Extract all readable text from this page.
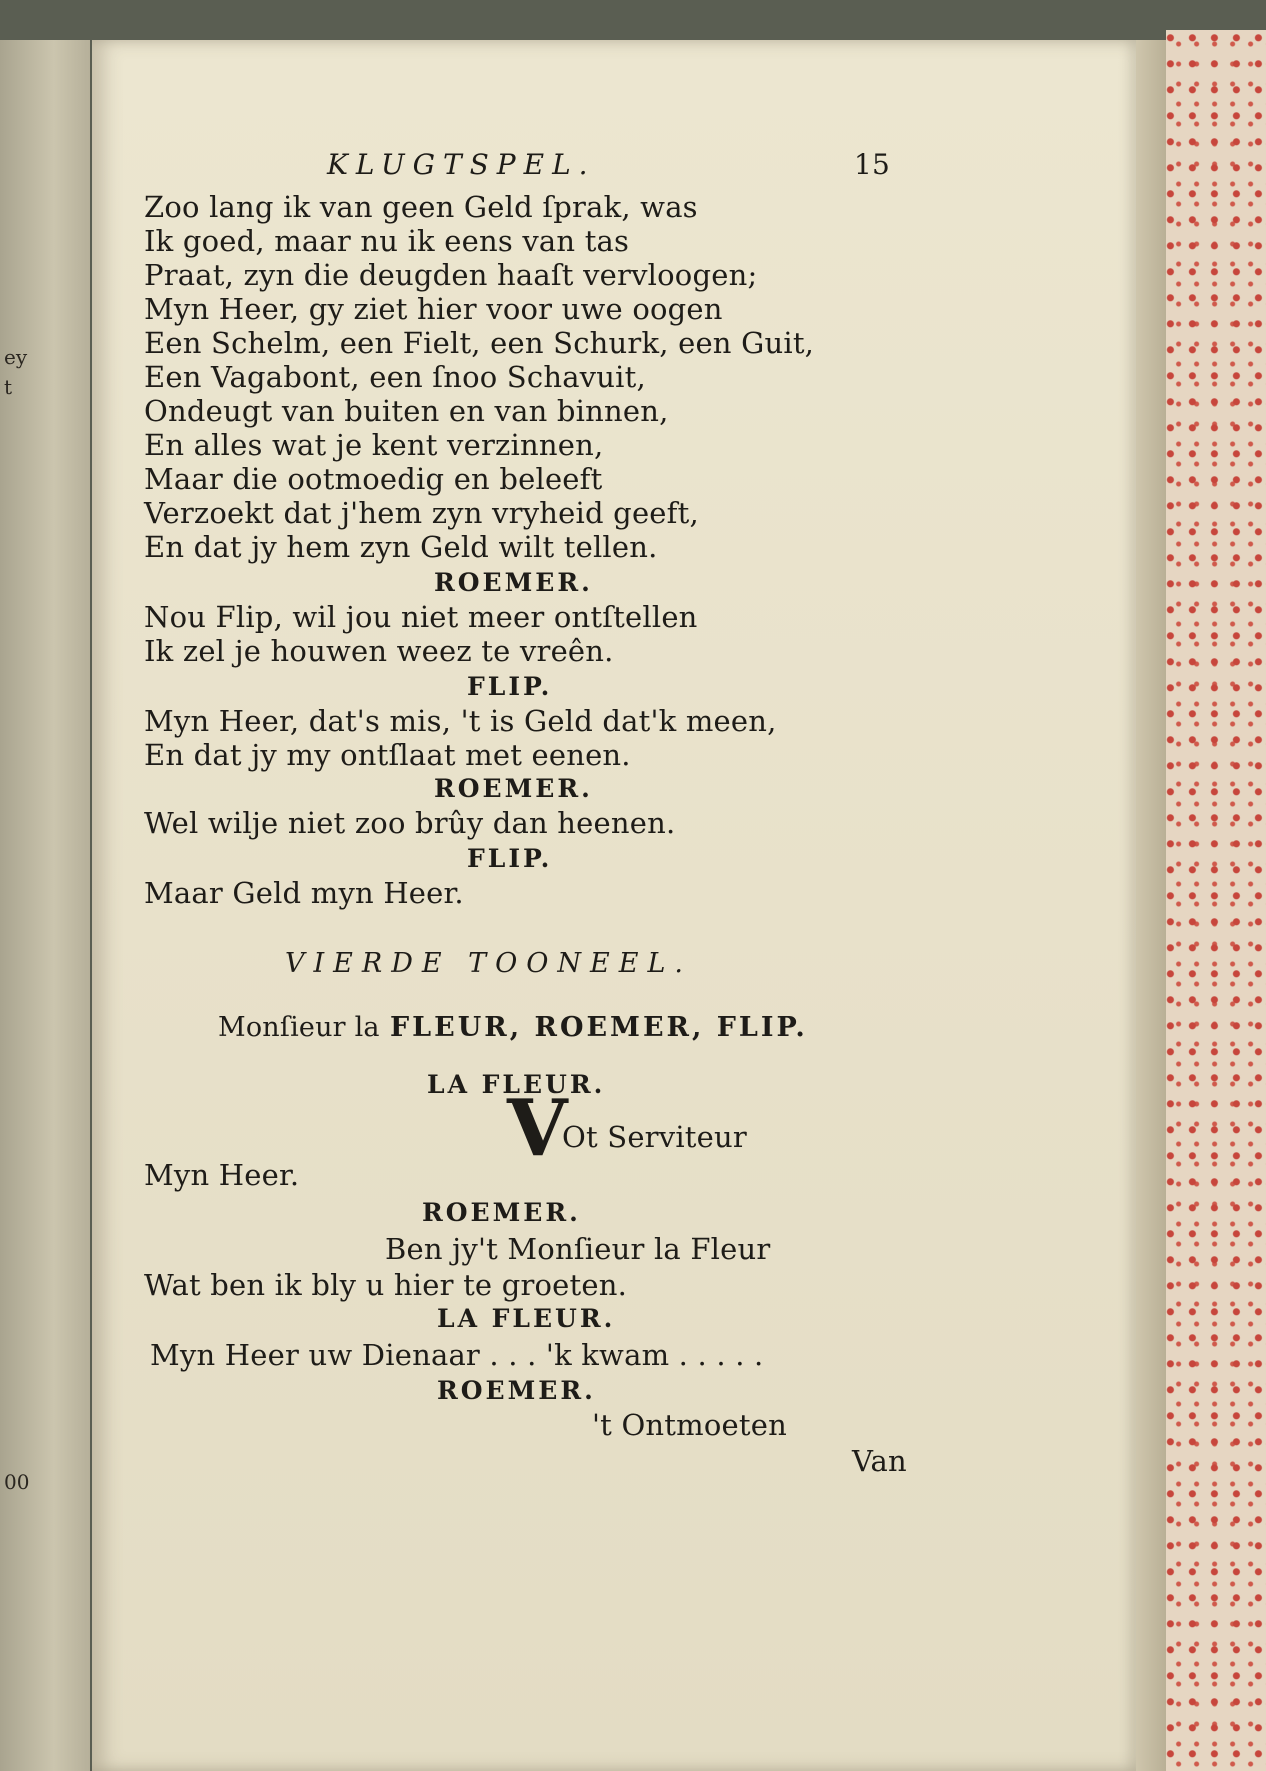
ey
t
00
KLUGTSPEL.	15
Zoo lang ik van geen Geld ſprak, was
Ik goed, maar nu ik eens van tas
Praat, zyn die deugden haaſt vervloogen;
Myn Heer, gy ziet hier voor uwe oogen
Een Schelm, een Fielt, een Schurk, een Guit,
Een Vagabont, een ſnoo Schavuit,
Ondeugt van buiten en van binnen,
En alles wat je kent verzinnen,
Maar die ootmoedig en beleeft
Verzoekt dat j'hem zyn vryheid geeft,
En dat jy hem zyn Geld wilt tellen.
ROEMER.
Nou Flip, wil jou niet meer ontſtellen
Ik zel je houwen weez te vreên.
FLIP.
Myn Heer, dat's mis, 't is Geld dat'k meen,
En dat jy my ontſlaat met eenen.
ROEMER.
Wel wilje niet zoo brûy dan heenen.
FLIP.
Maar Geld myn Heer.
VIERDE TOONEEL.
Monſieur la FLEUR, ROEMER, FLIP.
LA FLEUR.
V
Ot Serviteur
Myn Heer.
ROEMER.
Ben jy't Monſieur la Fleur
Wat ben ik bly u hier te groeten.
LA FLEUR.
Myn Heer uw Dienaar . . . 'k kwam . . . . .
ROEMER.
't Ontmoeten
Van
